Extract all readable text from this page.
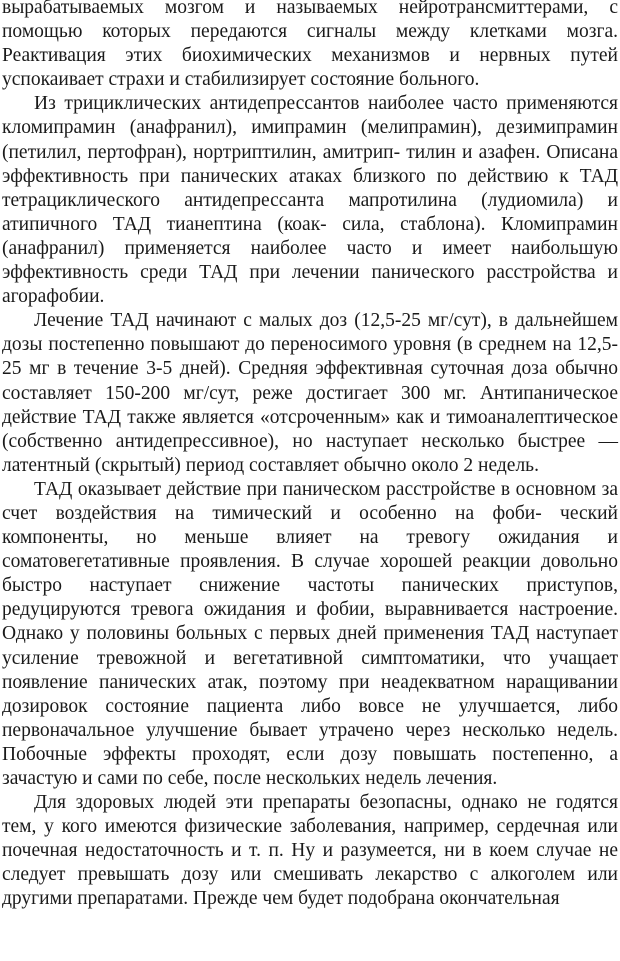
вырабатываемых мозгом и называемых нейротрансмиттерами, с помощью которых передаются сигналы между клетками мозга. Реактивация этих биохимических механизмов и нервных путей успокаивает страхи и стабилизирует состояние больного.

Из трициклических антидепрессантов наиболее часто применяются кломипрамин (анафранил), имипрамин (мелипрамин), дезимипрамин (петилил, пертофран), нортриптилин, амитрип- тилин и азафен. Описана эффективность при панических атаках близкого по действию к ТАД тетрациклического антидепрессанта мапротилина (лудиомила) и атипичного ТАД тианептина (коак- сила, стаблона). Кломипрамин (анафранил) применяется наиболее часто и имеет наибольшую эффективность среди ТАД при лечении панического расстройства и агорафобии.

Лечение ТАД начинают с малых доз (12,5-25 мг/сут), в дальнейшем дозы постепенно повышают до переносимого уровня (в среднем на 12,5-25 мг в течение 3-5 дней). Средняя эффективная суточная доза обычно составляет 150-200 мг/сут, реже достигает 300 мг. Антипаническое действие ТАД также является «отсроченным» как и тимоаналептическое (собственно антидепрессивное), но наступает несколько быстрее — латентный (скрытый) период составляет обычно около 2 недель.

ТАД оказывает действие при паническом расстройстве в основном за счет воздействия на тимический и особенно на фоби- ческий компоненты, но меньше влияет на тревогу ожидания и соматовегетативные проявления. В случае хорошей реакции довольно быстро наступает снижение частоты панических приступов, редуцируются тревога ожидания и фобии, выравнивается настроение. Однако у половины больных с первых дней применения ТАД наступает усиление тревожной и вегетативной симптоматики, что учащает появление панических атак, поэтому при неадекватном наращивании дозировок состояние пациента либо вовсе не улучшается, либо первоначальное улучшение бывает утрачено через несколько недель. Побочные эффекты проходят, если дозу повышать постепенно, а зачастую и сами по себе, после нескольких недель лечения.

Для здоровых людей эти препараты безопасны, однако не годятся тем, у кого имеются физические заболевания, например, сердечная или почечная недостаточность и т. п. Ну и разумеется, ни в коем случае не следует превышать дозу или смешивать лекарство с алкоголем или другими препаратами. Прежде чем будет подобрана окончательная
